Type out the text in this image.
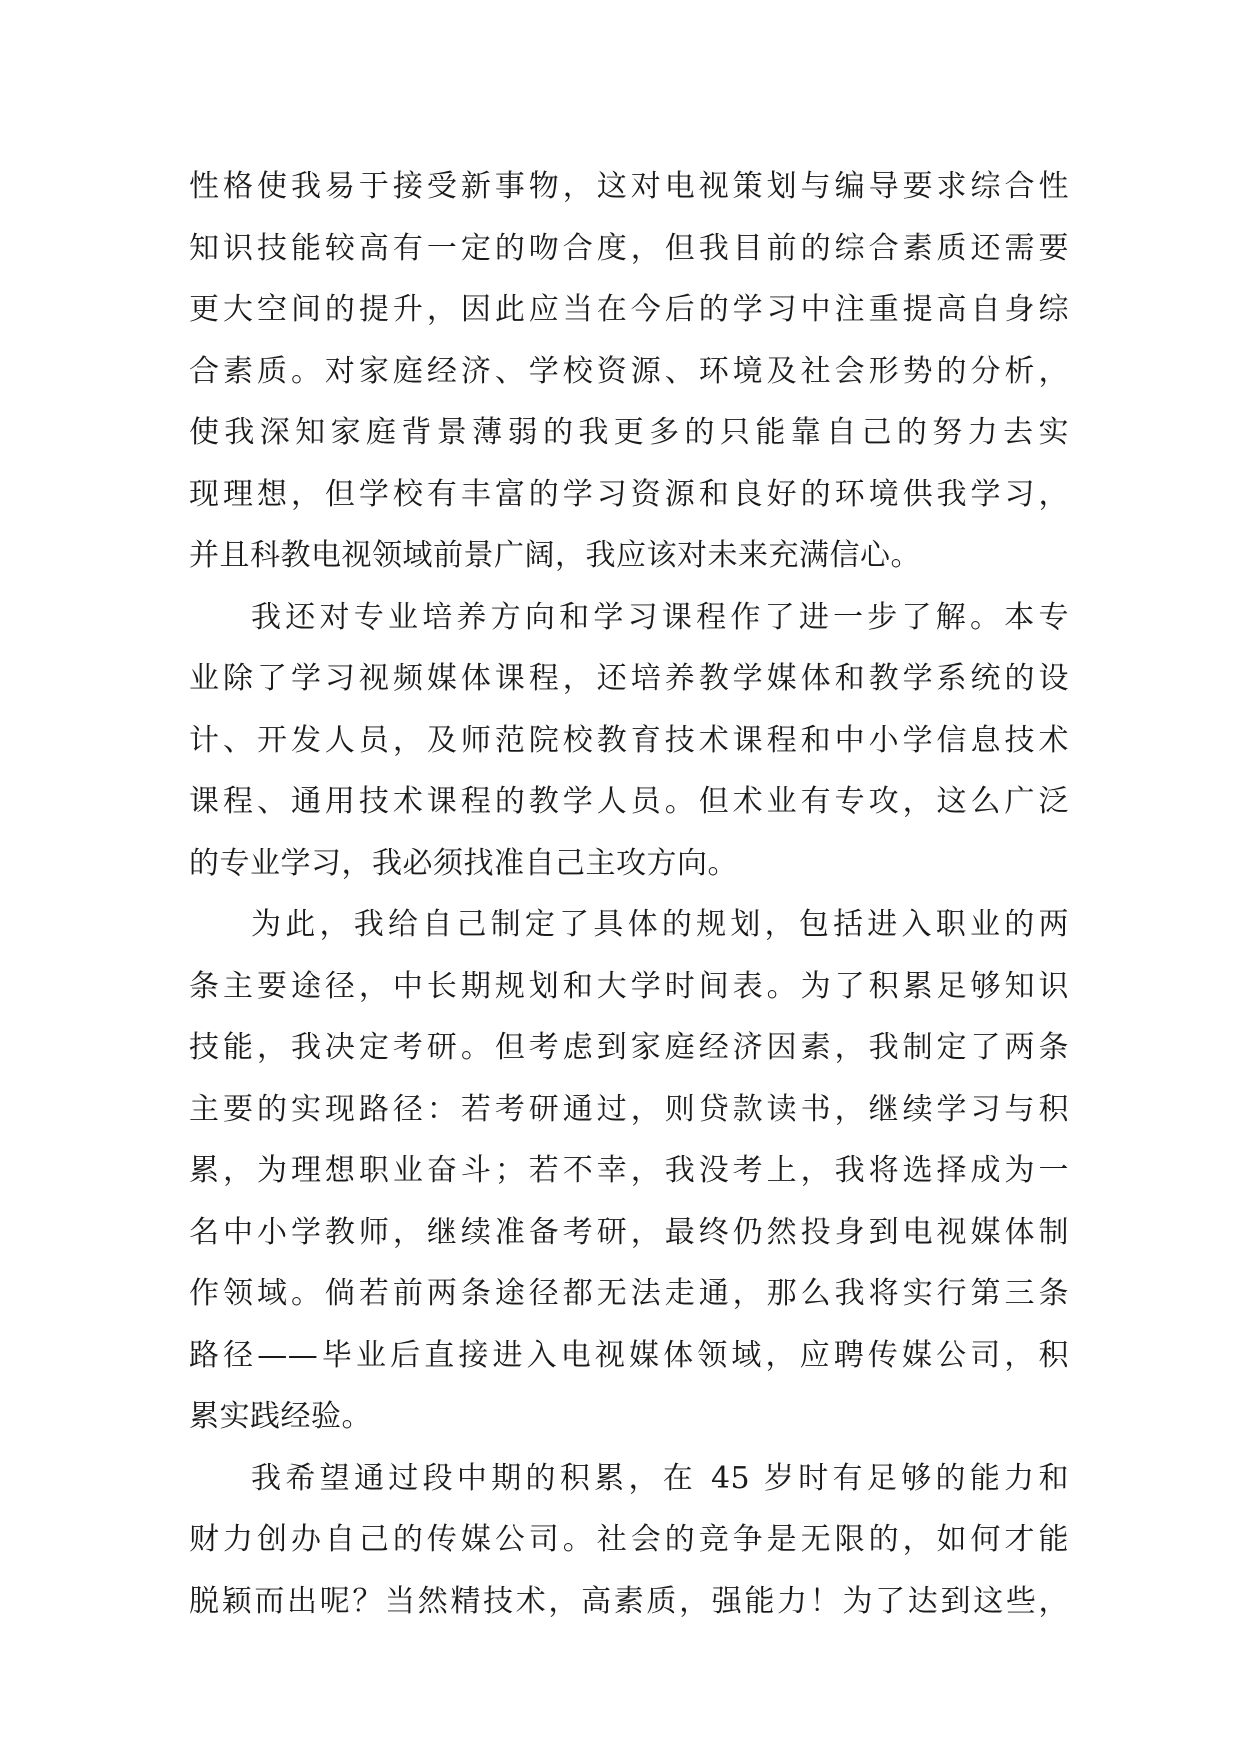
性格使我易于接受新事物，这对电视策划与编导要求综合性
知识技能较高有一定的吻合度，但我目前的综合素质还需要
更大空间的提升，因此应当在今后的学习中注重提高自身综
合素质。对家庭经济、学校资源、环境及社会形势的分析，
使我深知家庭背景薄弱的我更多的只能靠自己的努力去实
现理想，但学校有丰富的学习资源和良好的环境供我学习，
并且科教电视领域前景广阔，我应该对未来充满信心。
我还对专业培养方向和学习课程作了进一步了解。本专
业除了学习视频媒体课程，还培养教学媒体和教学系统的设
计、开发人员，及师范院校教育技术课程和中小学信息技术
课程、通用技术课程的教学人员。但术业有专攻，这么广泛
的专业学习，我必须找准自己主攻方向。
为此，我给自己制定了具体的规划，包括进入职业的两
条主要途径，中长期规划和大学时间表。为了积累足够知识
技能，我决定考研。但考虑到家庭经济因素，我制定了两条
主要的实现路径：若考研通过，则贷款读书，继续学习与积
累，为理想职业奋斗；若不幸，我没考上，我将选择成为一
名中小学教师，继续准备考研，最终仍然投身到电视媒体制
作领域。倘若前两条途径都无法走通，那么我将实行第三条
路径——毕业后直接进入电视媒体领域，应聘传媒公司，积
累实践经验。
我希望通过段中期的积累，在 45 岁时有足够的能力和
财力创办自己的传媒公司。社会的竞争是无限的，如何才能
脱颖而出呢？当然精技术，高素质，强能力！为了达到这些，
